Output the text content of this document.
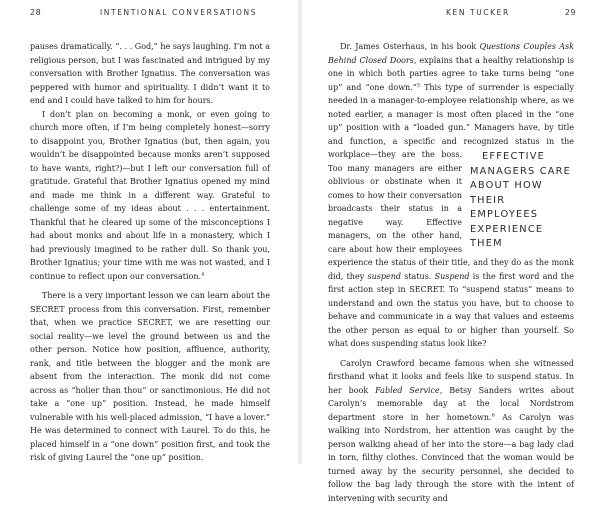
28	INTENTIONAL CONVERSATIONS

pauses dramatically. “. . . God,” he says laughing. I’m not a religious person, but I was fascinated and intrigued by my conversation with Brother Ignatius. The conversation was peppered with humor and spirituality. I didn’t want it to end and I could have talked to him for hours.

I don’t plan on becoming a monk, or even going to church more often, if I’m being completely honest—sorry to disappoint you, Brother Ignatius (but, then again, you wouldn’t be disappointed because monks aren’t supposed to have wants, right?)—but I left our conversation full of gratitude. Grateful that Brother Ignatius opened my mind and made me think in a different way. Grateful to challenge some of my ideas about . . . entertainment. Thankful that he cleared up some of the misconceptions I had about monks and about life in a monastery, which I had previously imagined to be rather dull. So thank you, Brother Ignatius; your time with me was not wasted, and I continue to reflect upon our conversation.$^4$

There is a very important lesson we can learn about the SECRET process from this conversation. First, remember that, when we practice SECRET, we are resetting our social reality—we level the ground between us and the other person. Notice how position, affluence, authority, rank, and title between the blogger and the monk are absent from the interaction. The monk did not come across as “holier than thou” or sanctimonious. He did not take a “one up” position. Instead, he made himself vulnerable with his well-placed admission, “I have a lover.” He was determined to connect with Laurel. To do this, he placed himself in a “one down” position first, and took the risk of giving Laurel the “one up” position.

KEN TUCKER	29

Dr. James Osterhaus, in his book Questions Couples Ask Behind Closed Doors, explains that a healthy relationship is one in which both parties agree to take turns being “one up” and “one down.”$^5$ This type of surrender is especially needed in a manager-to-employee relationship where, as we noted earlier, a manager is most often placed in the “one up” position with a “loaded gun.” Managers have, by title and function, a specific and recognized status in the workplace—they are	EFFECTIVE MANAGERS CARE ABOUT HOW THEIR EMPLOYEES EXPERIENCE THEM
the boss. Too many managers are either oblivious or obstinate when it comes to how their conversation broadcasts their status in a negative way. Effective managers, on the other hand, care about how their employees experience the status of their title, and they do as the monk did, they suspend status. Suspend is the first word and the first action step in SECRET. To “suspend status” means to understand and own the status you have, but to choose to behave and communicate in a way that values and esteems the other person as equal to or higher than yourself. So what does suspending status look like?

Carolyn Crawford became famous when she witnessed firsthand what it looks and feels like to suspend status. In her book Fabled Service, Betsy Sanders writes about Carolyn’s memorable day at the local Nordstrom department store in her hometown.$^6$ As Carolyn was walking into Nordstrom, her attention was caught by the person walking ahead of her into the store—a bag lady clad in torn, filthy clothes. Convinced that the woman would be turned away by the security personnel, she decided to follow the bag lady through the store with the intent of intervening with security and
